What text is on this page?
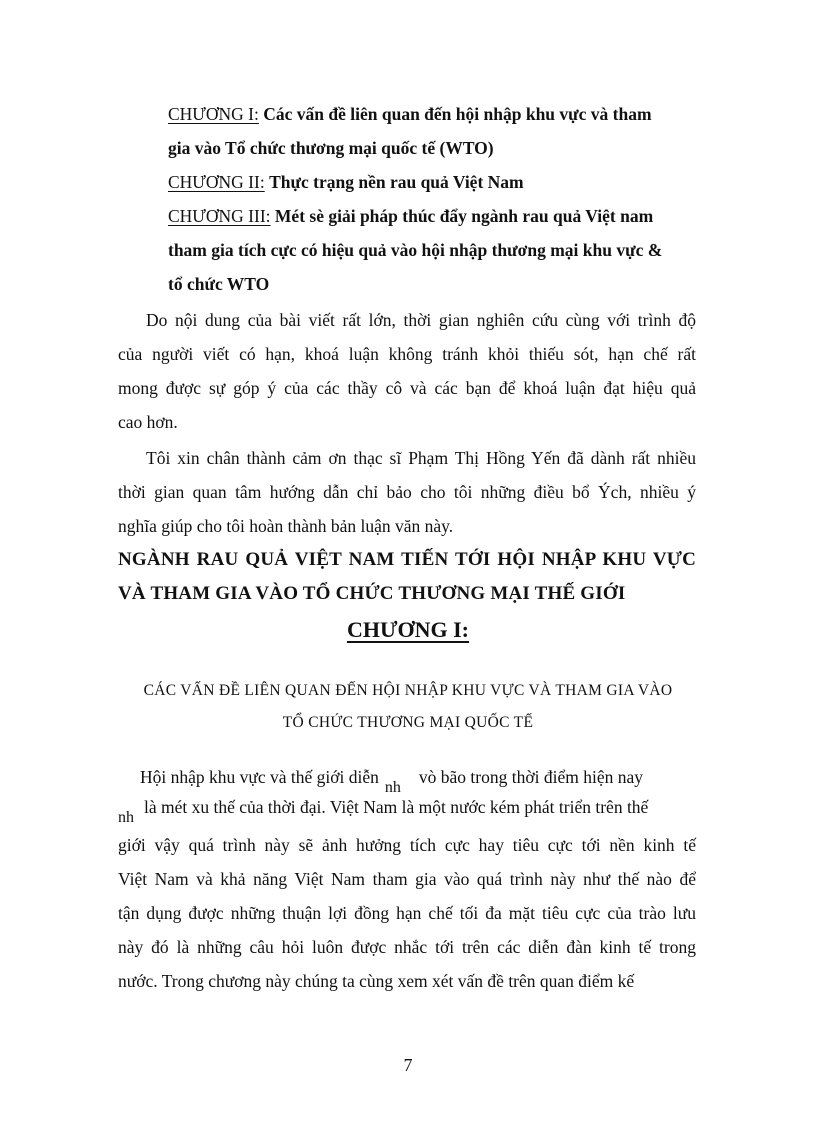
CHƯƠNG I: Các vấn đề liên quan đến hội nhập khu vực và tham
gia vào Tổ chức thương mại quốc tế (WTO)
CHƯƠNG II: Thực trạng nền rau quả Việt Nam
CHƯƠNG III: Mét sè giải pháp thúc đẩy ngành rau quả Việt nam
tham gia tích cực có hiệu quả vào hội nhập thương mại khu vực &
tổ chức WTO
Do nội dung của bài viết rất lớn, thời gian nghiên cứu cùng với trình độ
của người viết có hạn, khoá luận không tránh khỏi thiếu sót, hạn chế rất
mong được sự góp ý của các thầy cô và các bạn để khoá luận đạt hiệu quả
cao hơn.
Tôi xin chân thành cảm ơn thạc sĩ Phạm Thị Hồng Yến đã dành rất nhiều
thời gian quan tâm hướng dẫn chỉ bảo cho tôi những điều bổ Ých, nhiều ý
nghĩa giúp cho tôi hoàn thành bản luận văn này.
NGÀNH RAU QUẢ VIỆT NAM TIẾN TỚI HỘI NHẬP KHU VỰC
VÀ THAM GIA VÀO TỔ CHỨC THƯƠNG MẠI THẾ GIỚI
CHƯƠNG I:
CÁC VẤN ĐỀ LIÊN QUAN ĐẾN HỘI NHẬP KHU VỰC VÀ THAM GIA VÀO
TỔ CHỨC THƯƠNG MẠI QUỐC TẾ
Hội nhập khu vực và thế giới diễnnhvò bão trong thời điểm hiện nay
nhlà mét xu thế của thời đại. Việt Nam là một nước kém phát triển trên thế
giới vậy quá trình này sẽ ảnh hưởng tích cực hay tiêu cực tới nền kinh tế
Việt Nam và khả năng Việt Nam tham gia vào quá trình này như thế nào để
tận dụng được những thuận lợi đồng hạn chế tối đa mặt tiêu cực của trào lưu
này đó là những câu hỏi luôn được nhắc tới trên các diễn đàn kinh tế trong
nước. Trong chương này chúng ta cùng xem xét vấn đề trên quan điểm kế
7
